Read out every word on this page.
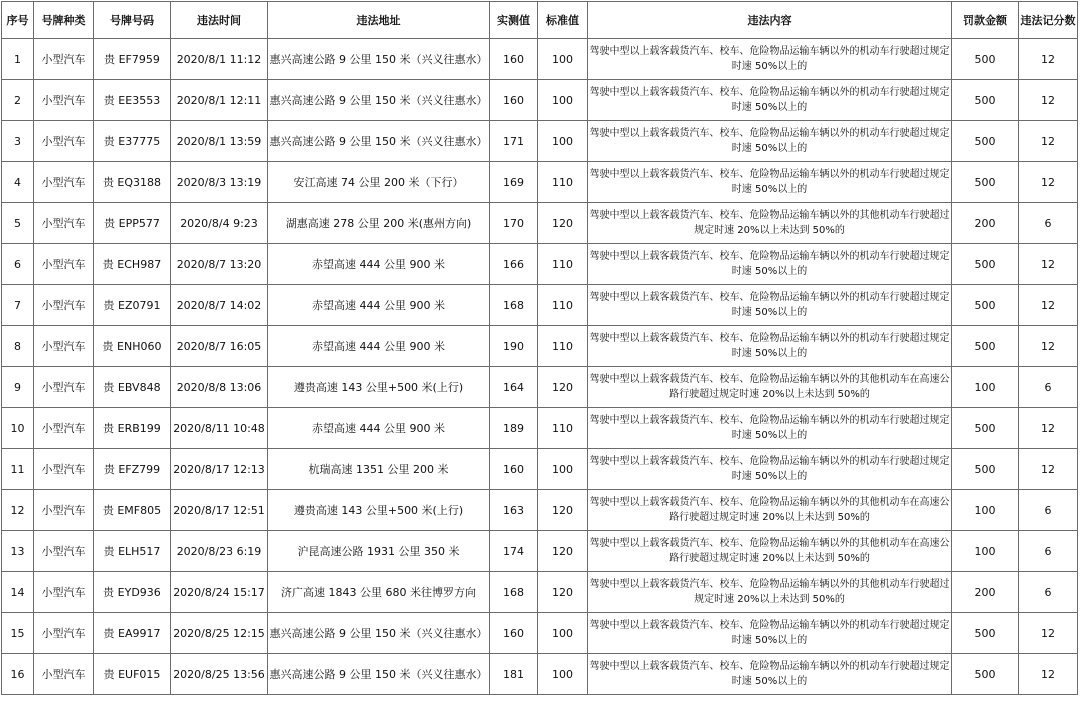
序号	号牌种类	号牌号码	违法时间	违法地址	实测值	标准值	违法内容	罚款金额	违法记分数
1	小型汽车	贵 EF7959	2020/8/1 11:12	惠兴高速公路 9 公里 150 米（兴义往惠水）	160	100	驾驶中型以上载客载货汽车、校车、危险物品运输车辆以外的机动车行驶超过规定时速 50%以上的	500	12
2	小型汽车	贵 EE3553	2020/8/1 12:11	惠兴高速公路 9 公里 150 米（兴义往惠水）	160	100	驾驶中型以上载客载货汽车、校车、危险物品运输车辆以外的机动车行驶超过规定时速 50%以上的	500	12
3	小型汽车	贵 E37775	2020/8/1 13:59	惠兴高速公路 9 公里 150 米（兴义往惠水）	171	100	驾驶中型以上载客载货汽车、校车、危险物品运输车辆以外的机动车行驶超过规定时速 50%以上的	500	12
4	小型汽车	贵 EQ3188	2020/8/3 13:19	安江高速 74 公里 200 米（下行）	169	110	驾驶中型以上载客载货汽车、校车、危险物品运输车辆以外的机动车行驶超过规定时速 50%以上的	500	12
5	小型汽车	贵 EPP577	2020/8/4 9:23	湖惠高速 278 公里 200 米(惠州方向)	170	120	驾驶中型以上载客载货汽车、校车、危险物品运输车辆以外的其他机动车行驶超过规定时速 20%以上未达到 50%的	200	6
6	小型汽车	贵 ECH987	2020/8/7 13:20	赤望高速 444 公里 900 米	166	110	驾驶中型以上载客载货汽车、校车、危险物品运输车辆以外的机动车行驶超过规定时速 50%以上的	500	12
7	小型汽车	贵 EZ0791	2020/8/7 14:02	赤望高速 444 公里 900 米	168	110	驾驶中型以上载客载货汽车、校车、危险物品运输车辆以外的机动车行驶超过规定时速 50%以上的	500	12
8	小型汽车	贵 ENH060	2020/8/7 16:05	赤望高速 444 公里 900 米	190	110	驾驶中型以上载客载货汽车、校车、危险物品运输车辆以外的机动车行驶超过规定时速 50%以上的	500	12
9	小型汽车	贵 EBV848	2020/8/8 13:06	遵贵高速 143 公里+500 米(上行)	164	120	驾驶中型以上载客载货汽车、校车、危险物品运输车辆以外的其他机动车在高速公路行驶超过规定时速 20%以上未达到 50%的	100	6
10	小型汽车	贵 ERB199	2020/8/11 10:48	赤望高速 444 公里 900 米	189	110	驾驶中型以上载客载货汽车、校车、危险物品运输车辆以外的机动车行驶超过规定时速 50%以上的	500	12
11	小型汽车	贵 EFZ799	2020/8/17 12:13	杭瑞高速 1351 公里 200 米	160	100	驾驶中型以上载客载货汽车、校车、危险物品运输车辆以外的机动车行驶超过规定时速 50%以上的	500	12
12	小型汽车	贵 EMF805	2020/8/17 12:51	遵贵高速 143 公里+500 米(上行)	163	120	驾驶中型以上载客载货汽车、校车、危险物品运输车辆以外的其他机动车在高速公路行驶超过规定时速 20%以上未达到 50%的	100	6
13	小型汽车	贵 ELH517	2020/8/23 6:19	沪昆高速公路 1931 公里 350 米	174	120	驾驶中型以上载客载货汽车、校车、危险物品运输车辆以外的其他机动车在高速公路行驶超过规定时速 20%以上未达到 50%的	100	6
14	小型汽车	贵 EYD936	2020/8/24 15:17	济广高速 1843 公里 680 米往博罗方向	168	120	驾驶中型以上载客载货汽车、校车、危险物品运输车辆以外的其他机动车行驶超过规定时速 20%以上未达到 50%的	200	6
15	小型汽车	贵 EA9917	2020/8/25 12:15	惠兴高速公路 9 公里 150 米（兴义往惠水）	160	100	驾驶中型以上载客载货汽车、校车、危险物品运输车辆以外的机动车行驶超过规定时速 50%以上的	500	12
16	小型汽车	贵 EUF015	2020/8/25 13:56	惠兴高速公路 9 公里 150 米（兴义往惠水）	181	100	驾驶中型以上载客载货汽车、校车、危险物品运输车辆以外的机动车行驶超过规定时速 50%以上的	500	12
